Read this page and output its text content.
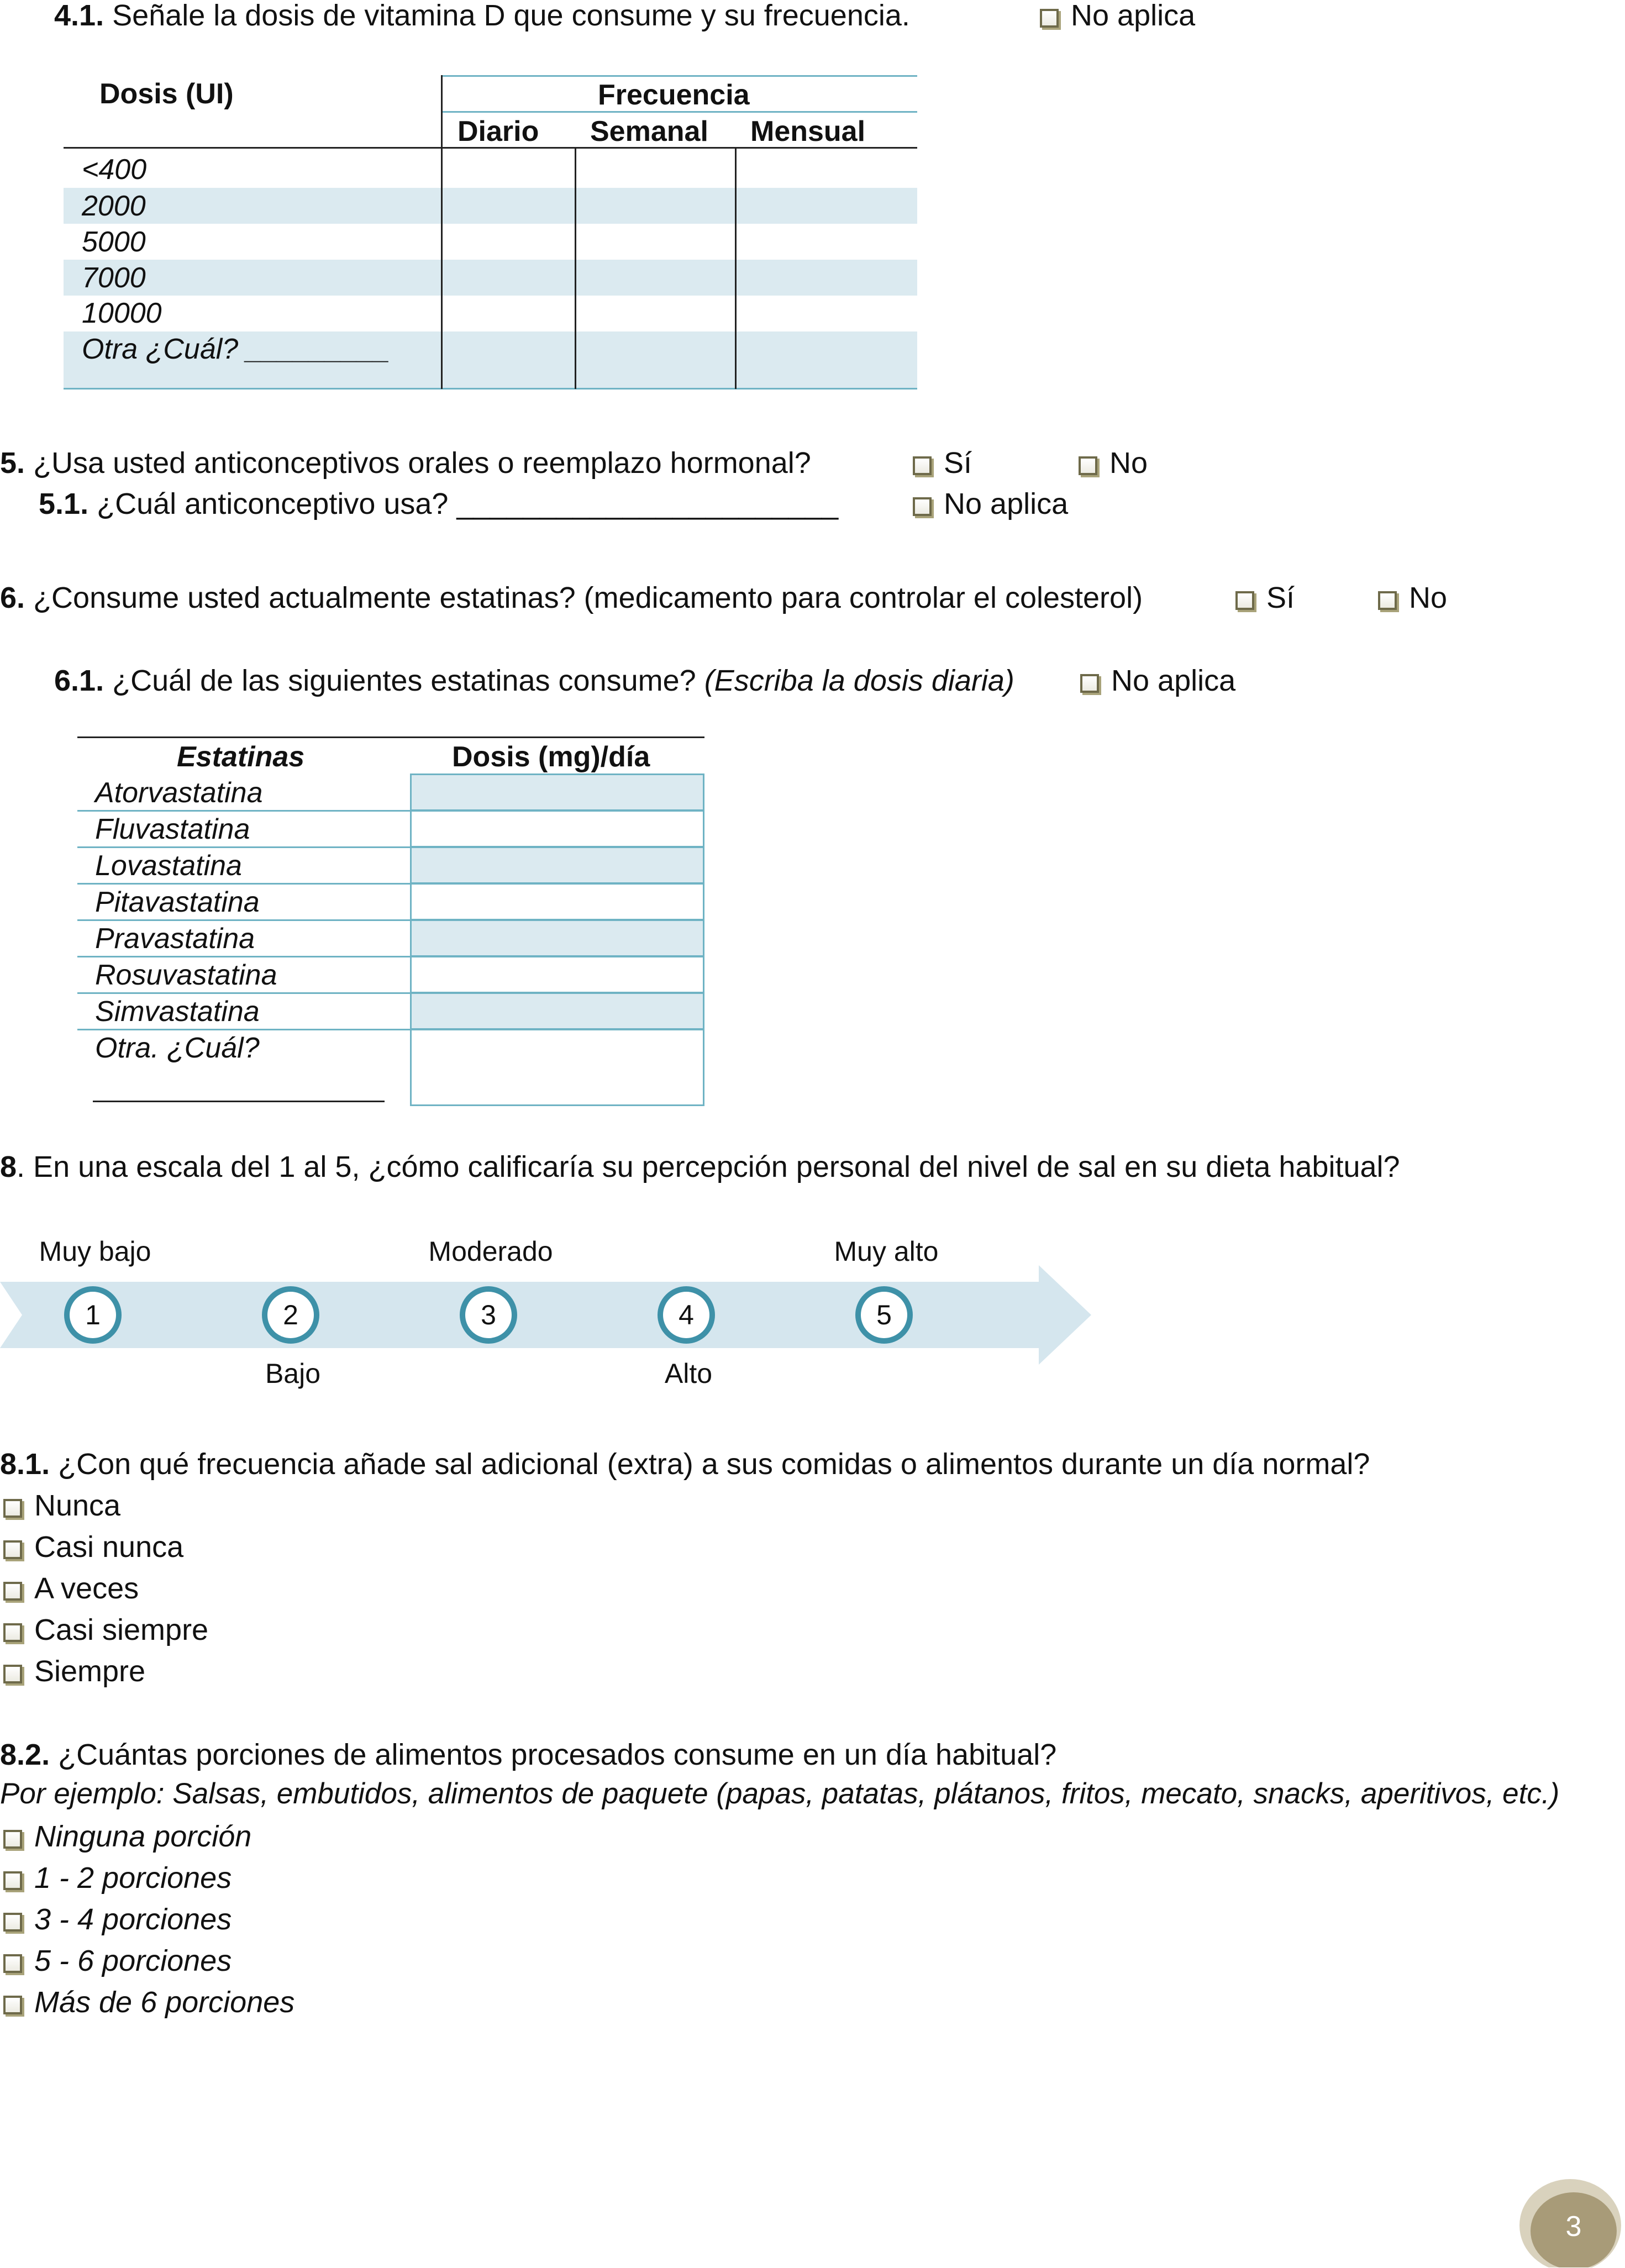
4.1. Señale la dosis de vitamina D que consume y su frecuencia.	No aplica
Dosis (UI)	Frecuencia
Diario Semanal Mensual
<400
2000
5000
7000
10000
Otra ¿Cuál? _________
5. ¿Usa usted anticonceptivos orales o reemplazo hormonal?	Sí	No
5.1. ¿Cuál anticonceptivo usa? _______________________	No aplica
6. ¿Consume usted actualmente estatinas? (medicamento para controlar el colesterol)	Sí	No
6.1. ¿Cuál de las siguientes estatinas consume? (Escriba la dosis diaria)	No aplica
Estatinas	Dosis (mg)/día
Atorvastatina
Fluvastatina
Lovastatina
Pitavastatina
Pravastatina
Rosuvastatina
Simvastatina
Otra. ¿Cuál?
8. En una escala del 1 al 5, ¿cómo calificaría su percepción personal del nivel de sal en su dieta habitual?
Muy bajo	Moderado	Muy alto
1	2	3	4	5
Bajo	Alto
8.1. ¿Con qué frecuencia añade sal adicional (extra) a sus comidas o alimentos durante un día normal?
Nunca
Casi nunca
A veces
Casi siempre
Siempre
8.2. ¿Cuántas porciones de alimentos procesados consume en un día habitual?
Por ejemplo: Salsas, embutidos, alimentos de paquete (papas, patatas, plátanos, fritos, mecato, snacks, aperitivos, etc.)
Ninguna porción
1 - 2 porciones
3 - 4 porciones
5 - 6 porciones
Más de 6 porciones
3
